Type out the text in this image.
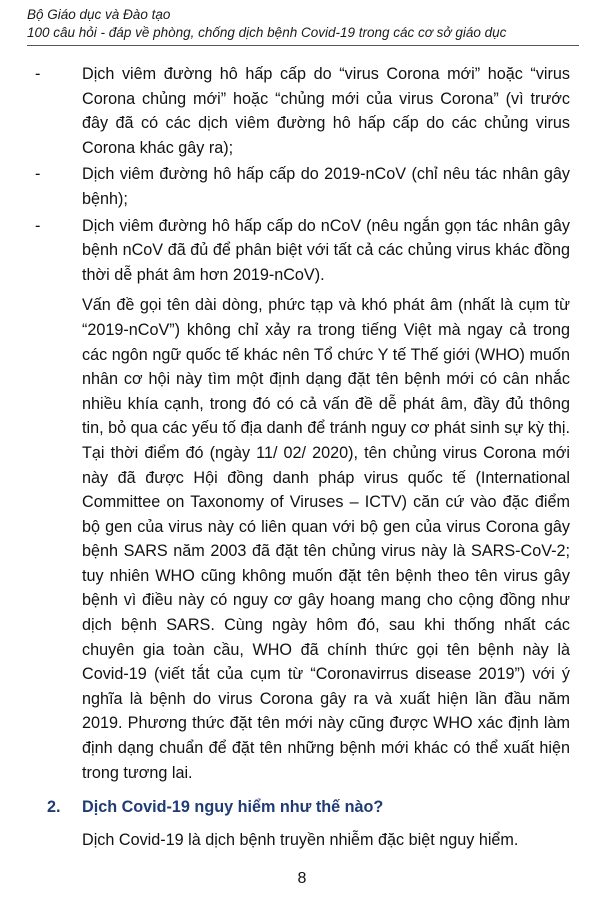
Bộ Giáo dục và Đào tạo
100 câu hỏi - đáp về phòng, chống dịch bệnh Covid-19 trong các cơ sở giáo dục
-	Dịch viêm đường hô hấp cấp do “virus Corona mới” hoặc “virus Corona chủng mới” hoặc “chủng mới của virus Corona” (vì trước đây đã có các dịch viêm đường hô hấp cấp do các chủng virus Corona khác gây ra);
-	Dịch viêm đường hô hấp cấp do 2019-nCoV (chỉ nêu tác nhân gây bệnh);
-	Dịch viêm đường hô hấp cấp do nCoV (nêu ngắn gọn tác nhân gây bệnh nCoV đã đủ để phân biệt với tất cả các chủng virus khác đồng thời dễ phát âm hơn 2019-nCoV).

Vấn đề gọi tên dài dòng, phức tạp và khó phát âm (nhất là cụm từ “2019-nCoV”) không chỉ xảy ra trong tiếng Việt mà ngay cả trong các ngôn ngữ quốc tế khác nên Tổ chức Y tế Thế giới (WHO) muốn nhân cơ hội này tìm một định dạng đặt tên bệnh mới có cân nhắc nhiều khía cạnh, trong đó có cả vấn đề dễ phát âm, đầy đủ thông tin, bỏ qua các yếu tố địa danh để tránh nguy cơ phát sinh sự kỳ thị. Tại thời điểm đó (ngày 11/ 02/ 2020), tên chủng virus Corona mới này đã được Hội đồng danh pháp virus quốc tế (International Committee on Taxonomy of Viruses – ICTV) căn cứ vào đặc điểm bộ gen của virus này có liên quan với bộ gen của virus Corona gây bệnh SARS năm 2003 đã đặt tên chủng virus này là SARS-CoV-2; tuy nhiên WHO cũng không muốn đặt tên bệnh theo tên virus gây bệnh vì điều này có nguy cơ gây hoang mang cho cộng đồng như dịch bệnh SARS. Cùng ngày hôm đó, sau khi thống nhất các chuyên gia toàn cầu, WHO đã chính thức gọi tên bệnh này là Covid-19 (viết tắt của cụm từ “Coronavirrus disease 2019”) với ý nghĩa là bệnh do virus Corona gây ra và xuất hiện lần đầu năm 2019. Phương thức đặt tên mới này cũng được WHO xác định làm định dạng chuẩn để đặt tên những bệnh mới khác có thể xuất hiện trong tương lai.

2. Dịch Covid-19 nguy hiểm như thế nào?
Dịch Covid-19 là dịch bệnh truyền nhiễm đặc biệt nguy hiểm.
8
